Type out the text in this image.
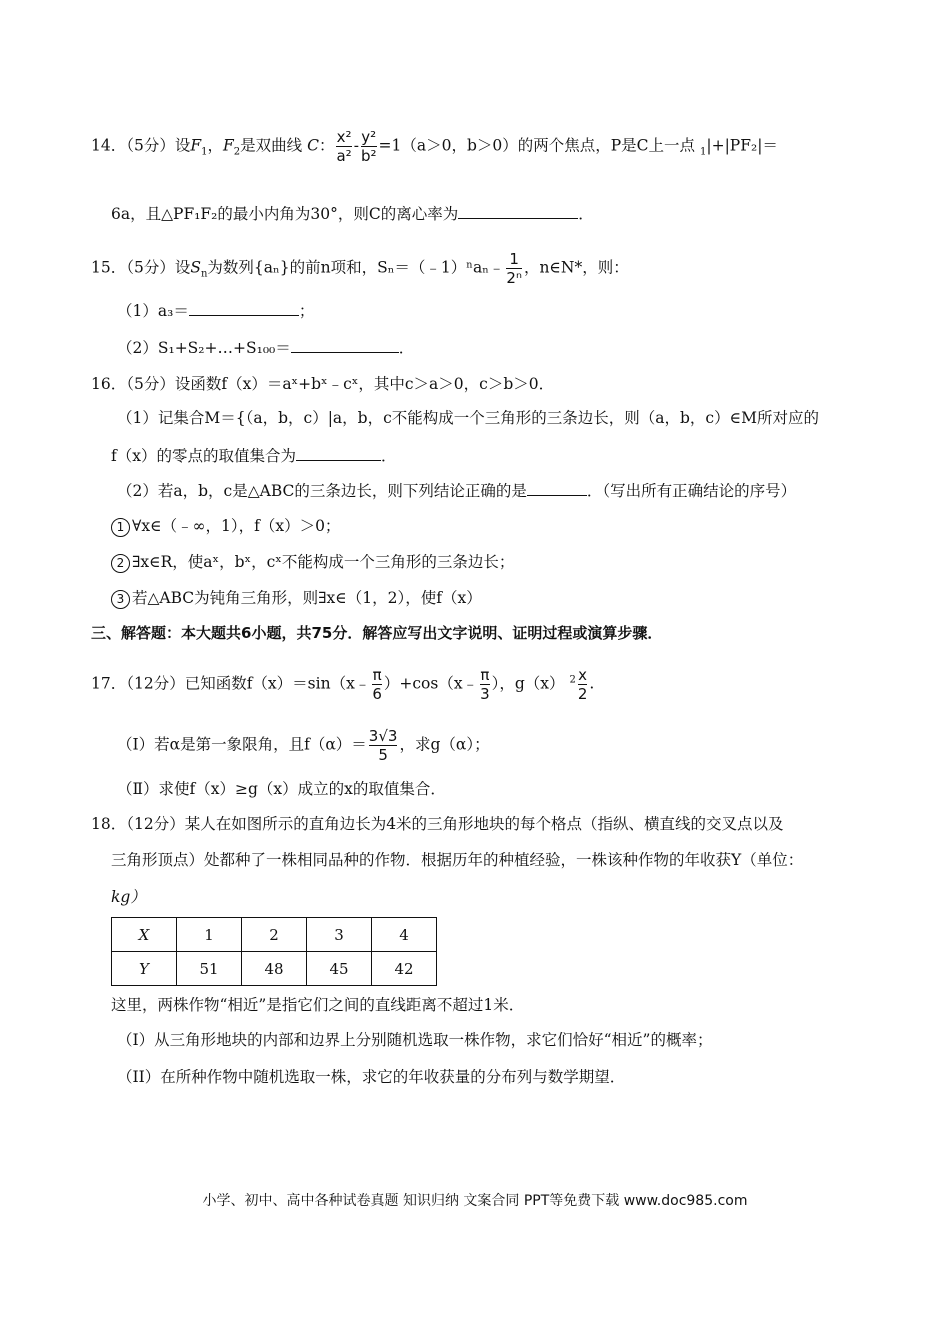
14．（5分）设$F_1$，$F_2$是双曲线 C： $\frac{\text{x²}}{\text{a²}} - \frac{\text{y²}}{\text{b²}} =1(a>0$，b＞0）的两个焦点，P是C上一点 $_1$|+|PF₂|＝
6a，且△PF₁F₂的最小内角为30°，则C的离心率为	．
15．（5分）设$S_n$为数列{aₙ}的前n项和，Sₙ＝（﹣1）ⁿaₙ﹣ $\frac{1}{\text{2ⁿ}}$ ，n∈N*，则：
（1）a₃＝	；
（2）S₁+S₂+…+S₁₀₀＝	．
16．（5分）设函数f（x）＝aˣ+bˣ﹣cˣ，其中c＞a＞0，c＞b＞0．
（1）记集合M＝{（a，b，c）|a，b，c不能构成一个三角形的三条边长，则（a，b，c）∈M所对应的
f（x）的零点的取值集合为	．
（2）若a，b，c是△ABC的三条边长，则下列结论正确的是	．（写出所有正确结论的序号）
1 ∀x∈（﹣∞，1），f（x）＞0；
2 ∃x∈R，使aˣ，bˣ，cˣ不能构成一个三角形的三条边长；
3 若△ABC为钝角三角形，则∃x∈（1，2），使f（x）
三、解答题：本大题共6小题，共75分．解答应写出文字说明、证明过程或演算步骤．
17．（12分）已知函数f（x）＝sin（x﹣ $\frac{\pi}{6}$ ）+cos（x﹣ $\frac{\pi}{3}$ ），g（x） $^2 \frac{x}{2}$ .
（Ⅰ）若α是第一象限角，且$f(\alpha)= \frac{3√3}{5}$ ，求g（α）；
（Ⅱ）求使f（x）≥g（x）成立的x的取值集合．
18．（12分）某人在如图所示的直角边长为4米的三角形地块的每个格点（指纵、横直线的交叉点以及
三角形顶点）处都种了一株相同品种的作物．根据历年的种植经验，一株该种作物的年收获Y（单位：
kg）
X	1	2	3	4
Y	51	48	45	42
这里，两株作物“相近”是指它们之间的直线距离不超过1米．
（I）从三角形地块的内部和边界上分别随机选取一株作物，求它们恰好“相近”的概率；
（II）在所种作物中随机选取一株，求它的年收获量的分布列与数学期望．
小学、初中、高中各种试卷真题 知识归纳 文案合同 PPT等免费下载 www.doc985.com
